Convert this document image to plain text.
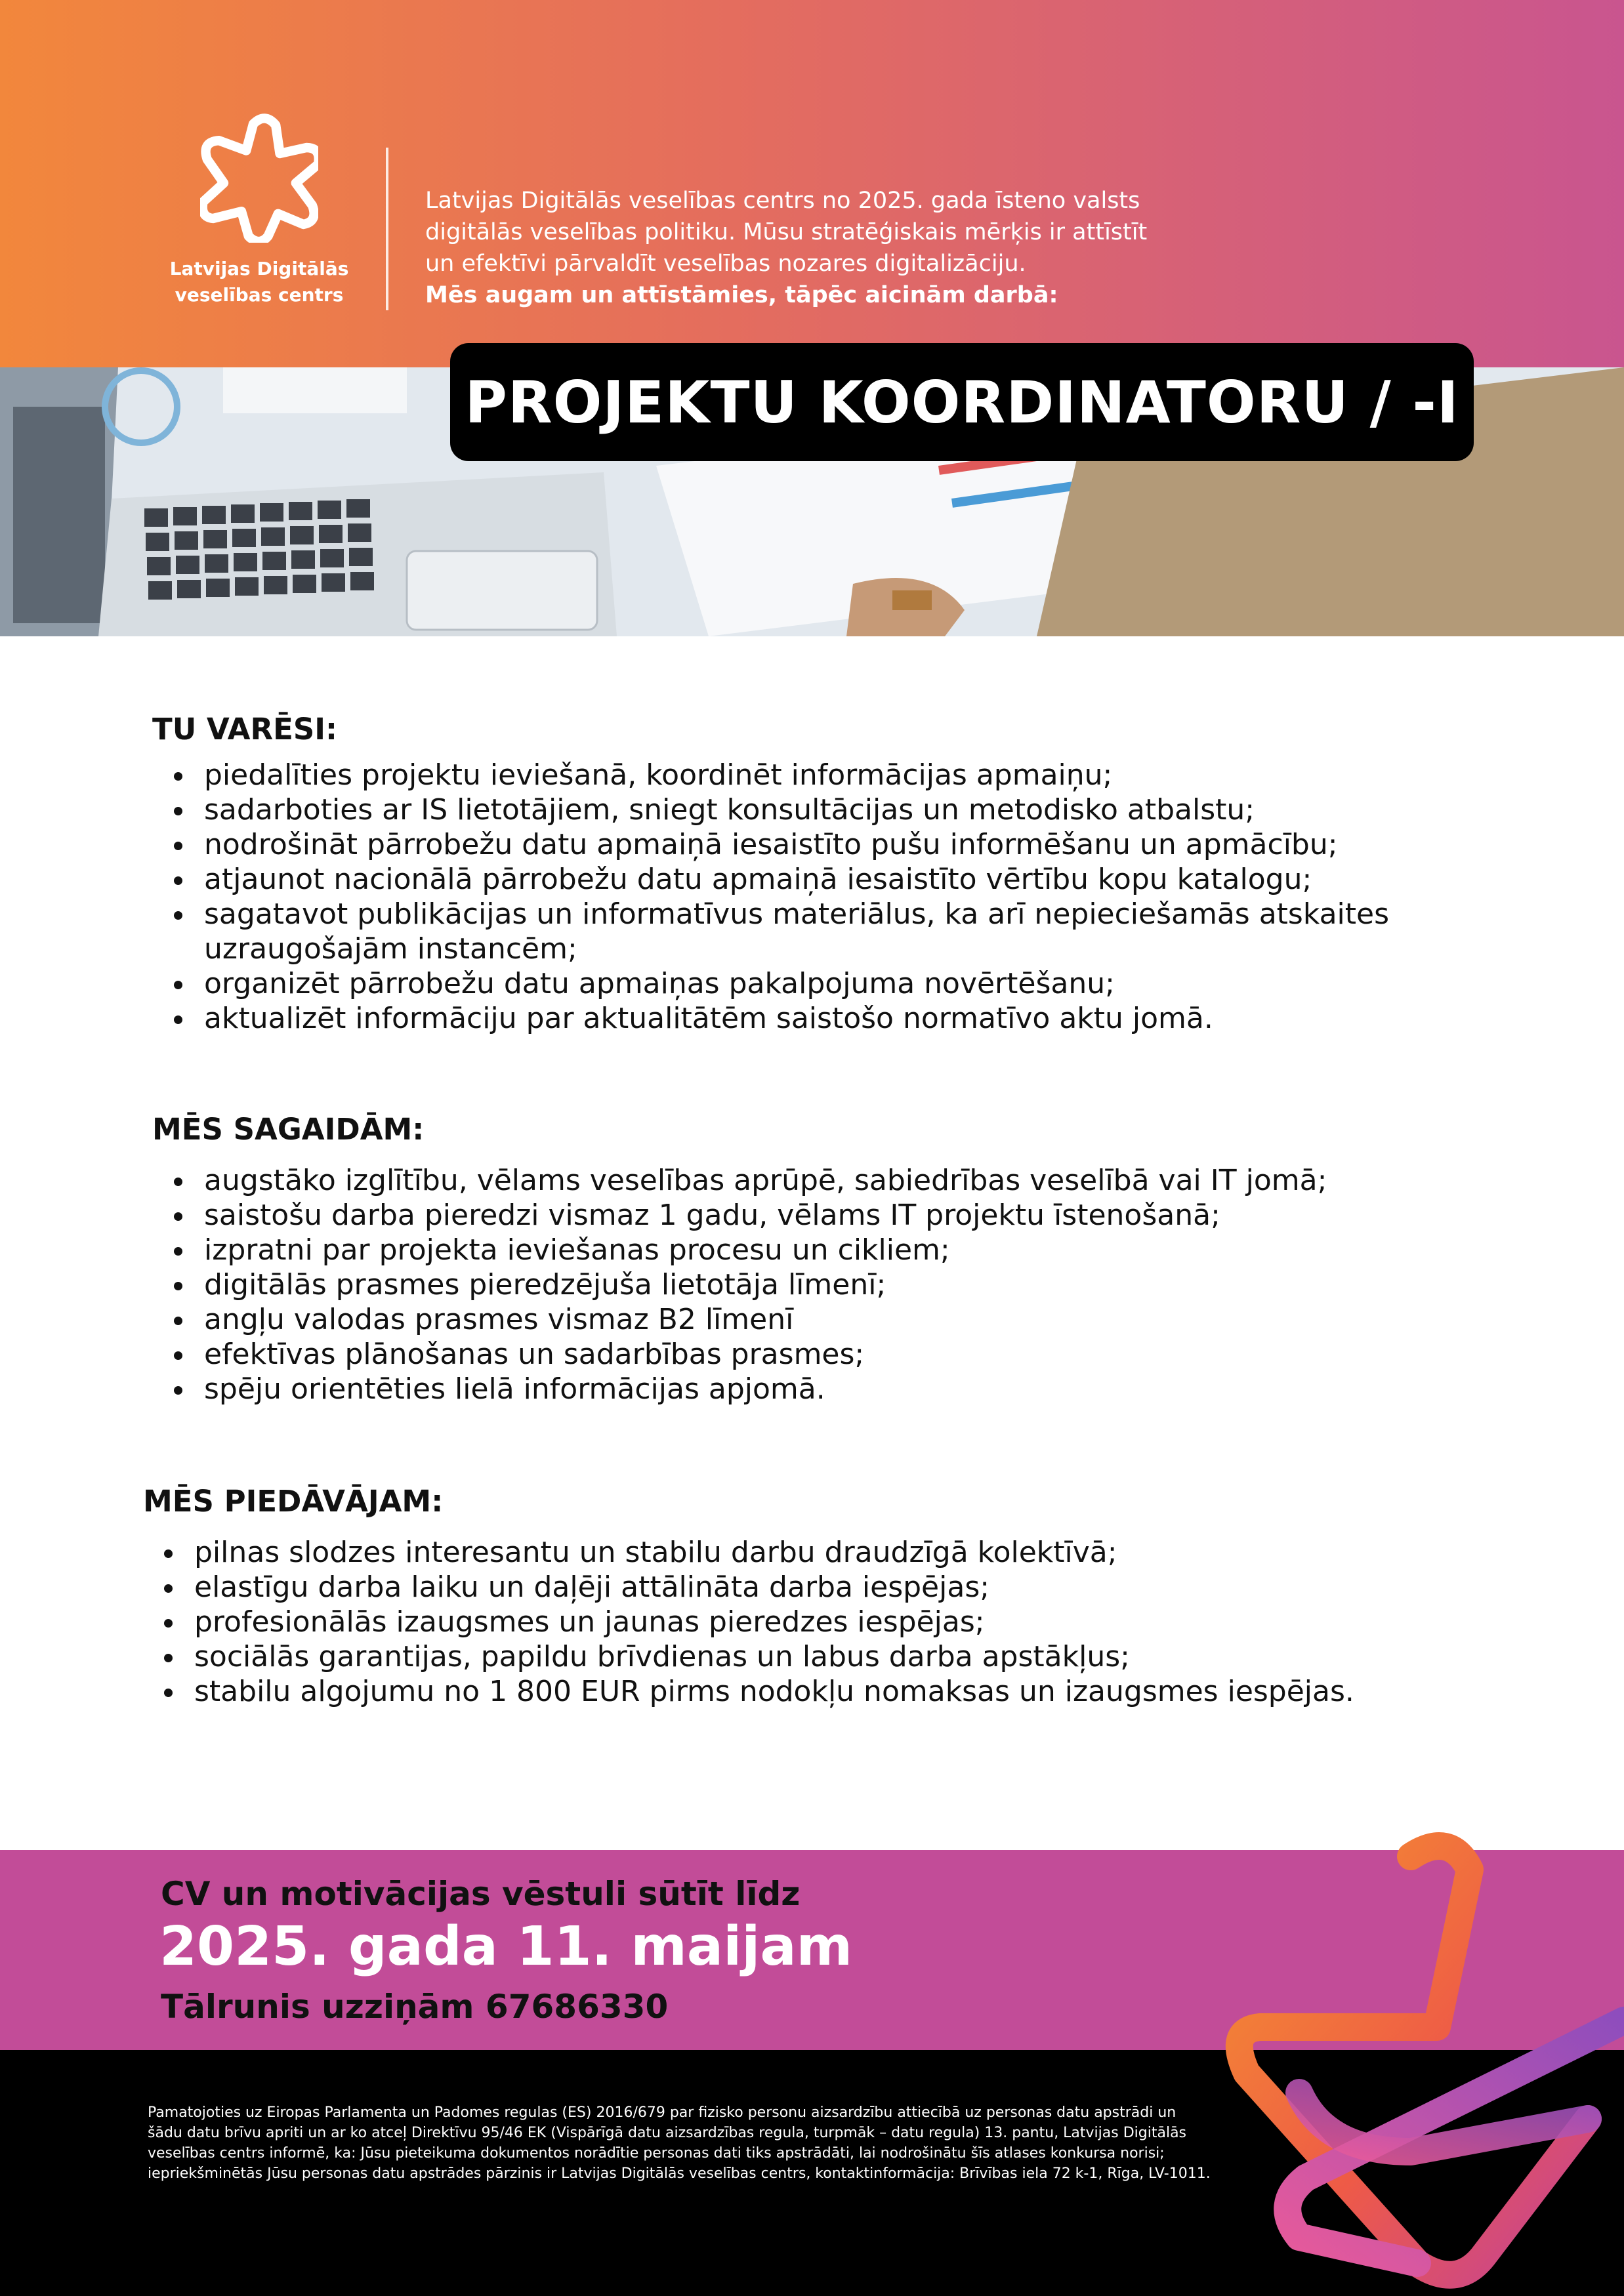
Latvijas Digitālās
veselības centrs
Latvijas Digitālās veselības centrs no 2025. gada īsteno valsts
digitālās veselības politiku. Mūsu stratēģiskais mērķis ir attīstīt
un efektīvi pārvaldīt veselības nozares digitalizāciju.
Mēs augam un attīstāmies, tāpēc aicinām darbā:
PROJEKTU KOORDINATORU / -I
TU VARĒSI:
piedalīties projektu ieviešanā, koordinēt informācijas apmaiņu;
sadarboties ar IS lietotājiem, sniegt konsultācijas un metodisko atbalstu;
nodrošināt pārrobežu datu apmaiņā iesaistīto pušu informēšanu un apmācību;
atjaunot nacionālā pārrobežu datu apmaiņā iesaistīto vērtību kopu katalogu;
sagatavot publikācijas un informatīvus materiālus, ka arī nepieciešamās atskaites uzraugošajām instancēm;
organizēt pārrobežu datu apmaiņas pakalpojuma novērtēšanu;
aktualizēt informāciju par aktualitātēm saistošo normatīvo aktu jomā.
MĒS SAGAIDĀM:
augstāko izglītību, vēlams veselības aprūpē, sabiedrības veselībā vai IT jomā;
saistošu darba pieredzi vismaz 1 gadu, vēlams IT projektu īstenošanā;
izpratni par projekta ieviešanas procesu un cikliem;
digitālās prasmes pieredzējuša lietotāja līmenī;
angļu valodas prasmes vismaz B2 līmenī
efektīvas plānošanas un sadarbības prasmes;
spēju orientēties lielā informācijas apjomā.
MĒS PIEDĀVĀJAM:
pilnas slodzes interesantu un stabilu darbu draudzīgā kolektīvā;
elastīgu darba laiku un daļēji attālināta darba iespējas;
profesionālās izaugsmes un jaunas pieredzes iespējas;
sociālās garantijas, papildu brīvdienas un labus darba apstākļus;
stabilu algojumu no 1 800 EUR pirms nodokļu nomaksas un izaugsmes iespējas.
CV un motivācijas vēstuli sūtīt līdz
2025. gada 11. maijam
Tālrunis uzziņām 67686330
Pamatojoties uz Eiropas Parlamenta un Padomes regulas (ES) 2016/679 par fizisko personu aizsardzību attiecībā uz personas datu apstrādi un šādu datu brīvu apriti un ar ko atceļ Direktīvu 95/46 EK (Vispārīgā datu aizsardzības regula, turpmāk – datu regula) 13. pantu, Latvijas Digitālās veselības centrs informē, ka: Jūsu pieteikuma dokumentos norādītie personas dati tiks apstrādāti, lai nodrošinātu šīs atlases konkursa norisi; iepriekšminētās Jūsu personas datu apstrādes pārzinis ir Latvijas Digitālās veselības centrs, kontaktinformācija: Brīvības iela 72 k-1, Rīga, LV-1011.
